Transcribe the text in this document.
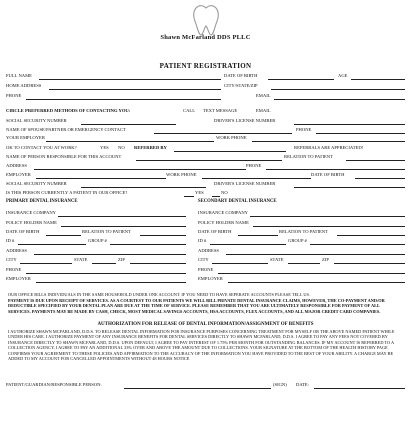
Shawn McFarland DDS PLLC
PATIENT REGISTRATION
FULL NAME	DATE OF BIRTH	AGE
HOME ADDRESS	CITY/STATE/ZIP
PHONE	EMAIL
CIRCLE PREFERRED METHODS OF CONTACTING YOU:	CALL TEXT MESSAGE	EMAIL
SOCIAL SECURITY NUMBER	DRIVER'S LICENSE NUMBER
NAME OF SPOUSE/PARTNER OR EMERGENCY CONTACT	PHONE
YOUR EMPLOYER	WORK PHONE
OK TO CONTACT YOU AT WORK?	YES NO REFERRED BY	REFERRALS ARE APPRECIATED!
NAME OF PERSON RESPONSIBLE FOR THIS ACCOUNT	RELATION TO PATIENT
ADDRESS	PHONE
EMPLOYER	WORK PHONE	DATE OF BIRTH
SOCIAL SECURITY NUMBER	DRIVER'S LICENSE NUMBER
IS THIS PERSON CURRENTLY A PATIENT IN OUR OFFICE?	YES	NO
PRIMARY DENTAL INSURANCE	SECONDARY DENTAL INSURANCE
INSURANCE COMPANY	INSURANCE COMPANY
POLICY HOLDER NAME	POLICY HOLDER NAME
DATE OF BIRTH	RELATION TO PATIENT	DATE OF BIRTH	RELATION TO PATIENT
ID #	GROUP #	ID #	GROUP #
ADDRESS	ADDRESS
CITY	STATE	ZIP	CITY	STATE	ZIP
PHONE	PHONE
EMPLOYER	EMPLOYER
OUR OFFICE BILLS INDIVIDUALS IN THE SAME HOUSEHOLD UNDER ONE ACCOUNT. IF YOU NEED TO HAVE SEPERATE ACCOUNTS PLEASE TELL US.
PAYMENT IS DUE UPON RECEIPT OF SERVICES. AS A COURTESY TO OUR PATIENTS WE WILL BILL PRIVATE DENTAL INSURANCE CLAIMS, HOWEVER, THE CO-PAYMENT AND/OR DEDUCTIBLE SPECIFIED BY YOUR DENTAL PLAN ARE DUE AT THE TIME OF SERVICE. PLEASE REMEMBER THAT YOU ARE ULTIMATELY RESPONSIBLE FOR PAYMENT OF ALL SERVICES. PAYMENTS MAY BE MADE BY CASH, CHECK, MOST MEDICAL SAVINGS ACCOUNTS, HSA ACCOUNTS, FLEX ACCOUNTS, AND ALL MAJOR CREDIT CARD COMPANIES.
AUTHORIZATION FOR RELEASE OF DENTAL INFORMATION/ASSIGNMENT OF BENEFITS
I AUTHORIZE SHAWN MCFARLAND, D.D.S. TO RELEASE DENTAL INFORMATION FOR INSURANCE PURPOSES CONCERNING TREATMENT FOR MYSELF OR THE ABOVE NAMED PATIENT WHILE UNDER HIS CARE. I AUTHORIZE PAYMENT OF ANY INSURANCE BENEFITS FOR DENTAL SERVICES DIRECTLY TO SHAWN MCFARLAND, D.D.S. I AGREE TO PAY ANY FEES NOT COVERED BY INSURANCE DIRECTLY TO SHAWN MCFARLAND, D.D.S. UPON DEFAULT, I AGREE TO PAY INTEREST OF 1.75% PER MONTH FOR OUTSTANDING BALANCES. IF MY ACCOUNT IS REFERRED TO A COLLECTION AGENCY, I AGREE TO PAY AN ADDITIONAL 33% OVER AND ABOVE THE AMOUNT DUE TO COLLECTIONS. YOUR SIGNATURE AT THE BOTTOM OF THE HEALTH HISTORY PAGE CONFIRMS YOUR AGREEMENT TO THESE POLICIES AND AFFIRMATION TO THE ACCURACY OF THE INFORMATION YOU HAVE PROVIDED TO THE BEST OF YOUR ABILITY. A CHARGE MAY BE ADDED TO MY ACCOUNT FOR CANCELLED APPOINTMENTS WITHOUT 48 HOURS NOTICE
PATIENT/GUARDIAN/RESPONSIBLE PERSON:	(SIGN) DATE:
